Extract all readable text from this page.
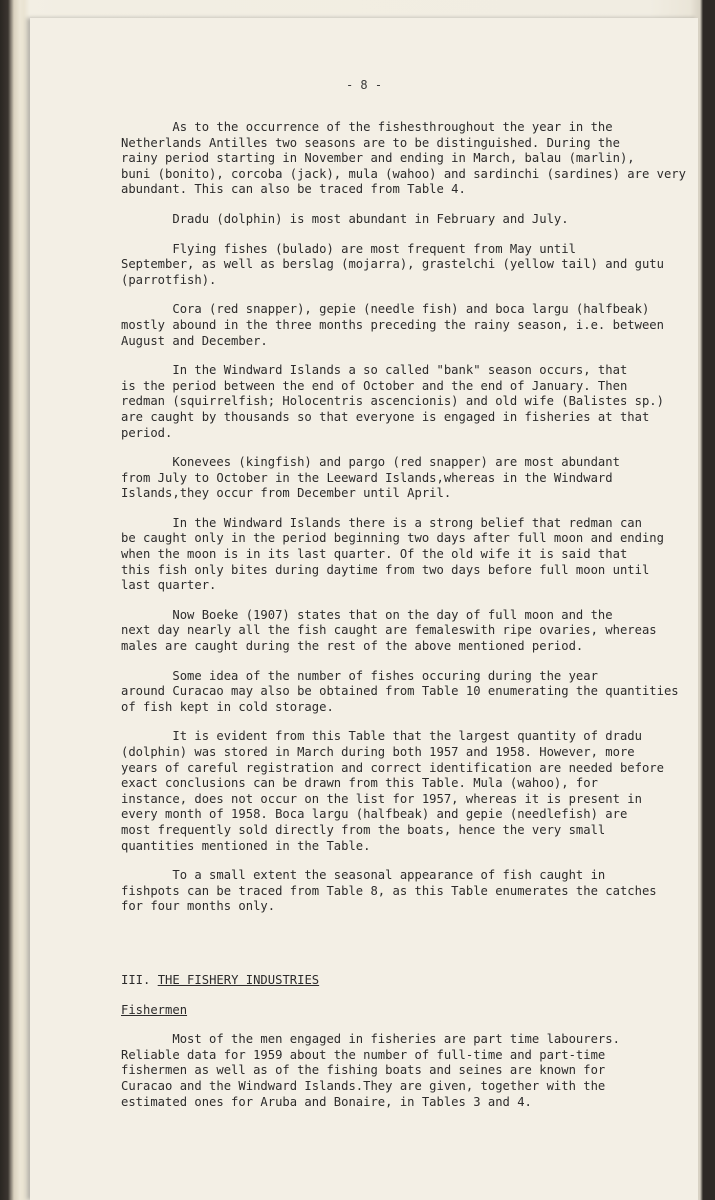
- 8 -

As to the occurrence of the fishesthroughout the year in the
Netherlands Antilles two seasons are to be distinguished. During the
rainy period starting in November and ending in March, balau (marlin),
buni (bonito), corcoba (jack), mula (wahoo) and sardinchi (sardines) are very
abundant. This can also be traced from Table 4.

Dradu (dolphin) is most abundant in February and July.

Flying fishes (bulado) are most frequent from May until
September, as well as berslag (mojarra), grastelchi (yellow tail) and gutu
(parrotfish).

Cora (red snapper), gepie (needle fish) and boca largu (halfbeak)
mostly abound in the three months preceding the rainy season, i.e. between
August and December.

In the Windward Islands a so called "bank" season occurs, that
is the period between the end of October and the end of January. Then
redman (squirrelfish; Holocentris ascencionis) and old wife (Balistes sp.)
are caught by thousands so that everyone is engaged in fisheries at that
period.

Konevees (kingfish) and pargo (red snapper) are most abundant
from July to October in the Leeward Islands,whereas in the Windward
Islands,they occur from December until April.

In the Windward Islands there is a strong belief that redman can
be caught only in the period beginning two days after full moon and ending
when the moon is in its last quarter. Of the old wife it is said that
this fish only bites during daytime from two days before full moon until
last quarter.

Now Boeke (1907) states that on the day of full moon and the
next day nearly all the fish caught are femaleswith ripe ovaries, whereas
males are caught during the rest of the above mentioned period.

Some idea of the number of fishes occuring during the year
around Curacao may also be obtained from Table 10 enumerating the quantities
of fish kept in cold storage.

It is evident from this Table that the largest quantity of dradu
(dolphin) was stored in March during both 1957 and 1958. However, more
years of careful registration and correct identification are needed before
exact conclusions can be drawn from this Table. Mula (wahoo), for
instance, does not occur on the list for 1957, whereas it is present in
every month of 1958. Boca largu (halfbeak) and gepie (needlefish) are
most frequently sold directly from the boats, hence the very small
quantities mentioned in the Table.

To a small extent the seasonal appearance of fish caught in
fishpots can be traced from Table 8, as this Table enumerates the catches
for four months only.

III. THE FISHERY INDUSTRIES
Fishermen

Most of the men engaged in fisheries are part time labourers.
Reliable data for 1959 about the number of full-time and part-time
fishermen as well as of the fishing boats and seines are known for
Curacao and the Windward Islands.They are given, together with the
estimated ones for Aruba and Bonaire, in Tables 3 and 4.
